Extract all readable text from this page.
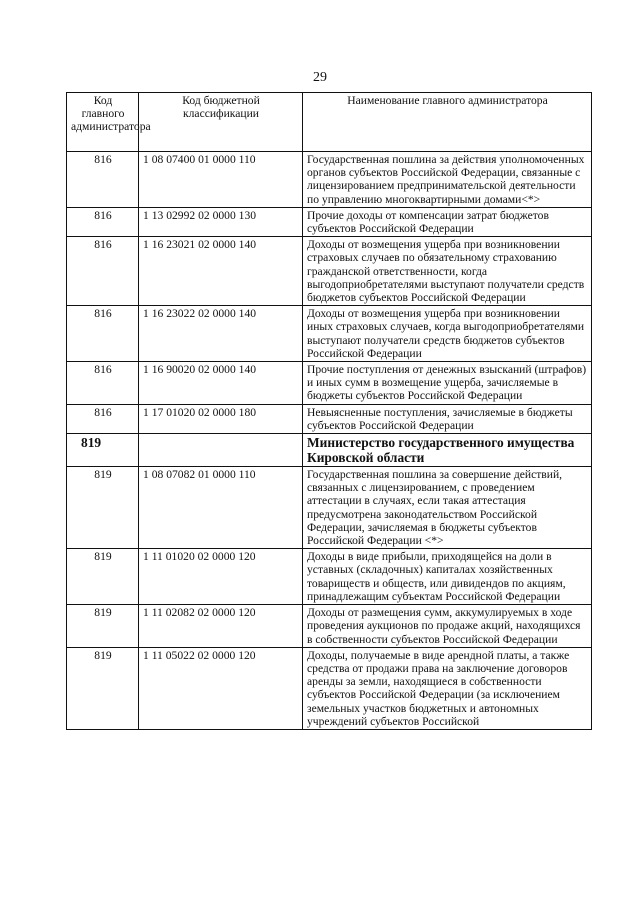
29
Код главного администратора	Код бюджетной классификации	Наименование главного администратора
816	1 08 07400 01 0000 110	Государственная пошлина за действия уполномоченных органов субъектов Российской Федерации, связанные с лицензированием предпринимательской деятельности по управлению многоквартирными домами<*>
816	1 13 02992 02 0000 130	Прочие доходы от компенсации затрат бюджетов субъектов Российской Федерации
816	1 16 23021 02 0000 140	Доходы от возмещения ущерба при возникновении страховых случаев по обязательному страхованию гражданской ответственности, когда выгодоприобретателями выступают получатели средств бюджетов субъектов Российской Федерации
816	1 16 23022 02 0000 140	Доходы от возмещения ущерба при возникновении иных страховых случаев, когда выгодоприобретателями выступают получатели средств бюджетов субъектов Российской Федерации
816	1 16 90020 02 0000 140	Прочие поступления от денежных взысканий (штрафов) и иных сумм в возмещение ущерба, зачисляемые в бюджеты субъектов Российской Федерации
816	1 17 01020 02 0000 180	Невыясненные поступления, зачисляемые в бюджеты субъектов Российской Федерации
819		Министерство государственного имущества Кировской области
819	1 08 07082 01 0000 110	Государственная пошлина за совершение действий, связанных с лицензированием, с проведением аттестации в случаях, если такая аттестация предусмотрена законодательством Российской Федерации, зачисляемая в бюджеты субъектов Российской Федерации <*>
819	1 11 01020 02 0000 120	Доходы в виде прибыли, приходящейся на доли в уставных (складочных) капиталах хозяйственных товариществ и обществ, или дивидендов по акциям, принадлежащим субъектам Российской Федерации
819	1 11 02082 02 0000 120	Доходы от размещения сумм, аккумулируемых в ходе проведения аукционов по продаже акций, находящихся в собственности субъектов Российской Федерации
819	1 11 05022 02 0000 120	Доходы, получаемые в виде арендной платы, а также средства от продажи права на заключение договоров аренды за земли, находящиеся в собственности субъектов Российской Федерации (за исключением земельных участков бюджетных и автономных учреждений субъектов Российской
